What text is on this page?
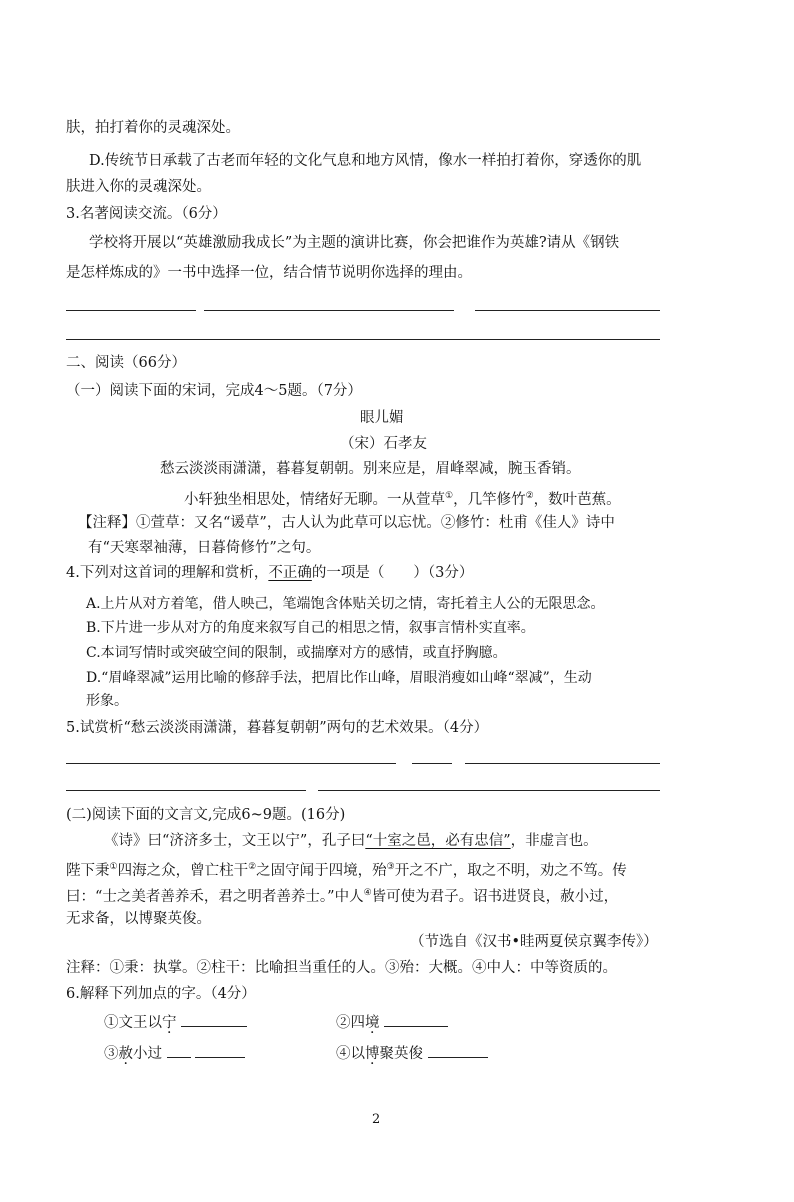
肤，拍打着你的灵魂深处。
D.传统节日承载了古老而年轻的文化气息和地方风情，像水一样拍打着你，穿透你的肌
肤进入你的灵魂深处。
3.名著阅读交流。（6分）
学校将开展以“英雄激励我成长”为主题的演讲比赛，你会把谁作为英雄?请从《钢铁
是怎样炼成的》一书中选择一位，结合情节说明你选择的理由。
二、阅读（66分）
（一）阅读下面的宋词，完成4～5题。（7分）
眼儿媚
（宋）石孝友
愁云淡淡雨潇潇，暮暮复朝朝。别来应是，眉峰翠减，腕玉香销。
小轩独坐相思处，情绪好无聊。一从萱草①，几竿修竹②，数叶芭蕉。
【注释】①萱草：又名“谖草”，古人认为此草可以忘忧。②修竹：杜甫《佳人》诗中
有“天寒翠袖薄，日暮倚修竹”之句。
4.下列对这首词的理解和赏析，不正确的一项是（　　）（3分）
A.上片从对方着笔，借人映己，笔端饱含体贴关切之情，寄托着主人公的无限思念。
B.下片进一步从对方的角度来叙写自己的相思之情，叙事言情朴实直率。
C.本词写情时或突破空间的限制，或揣摩对方的感情，或直抒胸臆。
D.“眉峰翠减”运用比喻的修辞手法，把眉比作山峰，眉眼消瘦如山峰“翠减”，生动
形象。
5.试赏析“愁云淡淡雨潇潇，暮暮复朝朝”两句的艺术效果。（4分）
(二)阅读下面的文言文,完成6~9题。(16分)
《诗》曰“济济多士，文王以宁”，孔子曰“十室之邑，必有忠信”，非虚言也。
陛下秉①四海之众，曾亡柱干②之固守闻于四境，殆③开之不广，取之不明，劝之不笃。传
曰：“士之美者善养禾，君之明者善养士。”中人④皆可使为君子。诏书进贤良，赦小过，
无求备，以博聚英俊。
（节选自《汉书•眭两夏侯京翼李传》）
注释：①秉：执掌。②柱干：比喻担当重任的人。③殆：大概。④中人：中等资质的。
6.解释下列加点的字。（4分）
①文王以宁	②四境
③赦小过	④以博聚英俊
2
